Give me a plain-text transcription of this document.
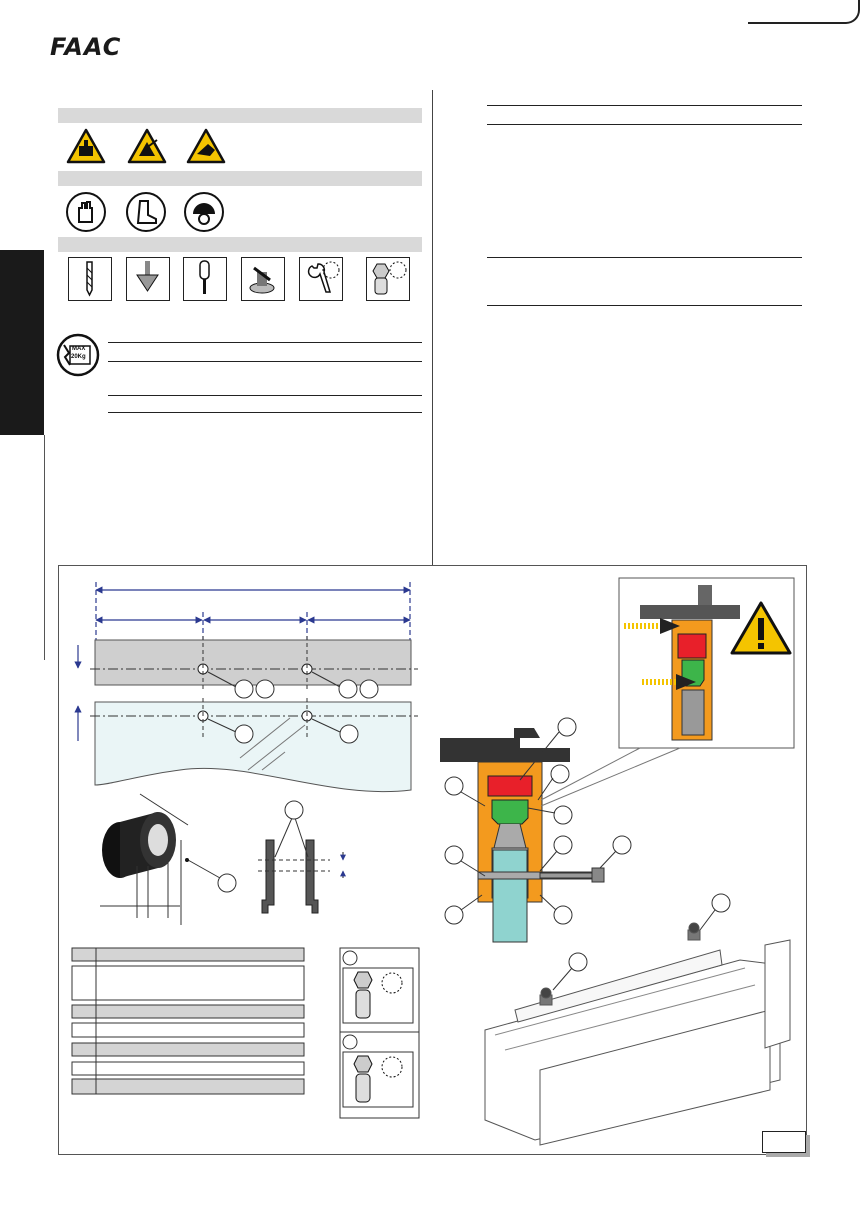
FAAC
MAX
20Kg
